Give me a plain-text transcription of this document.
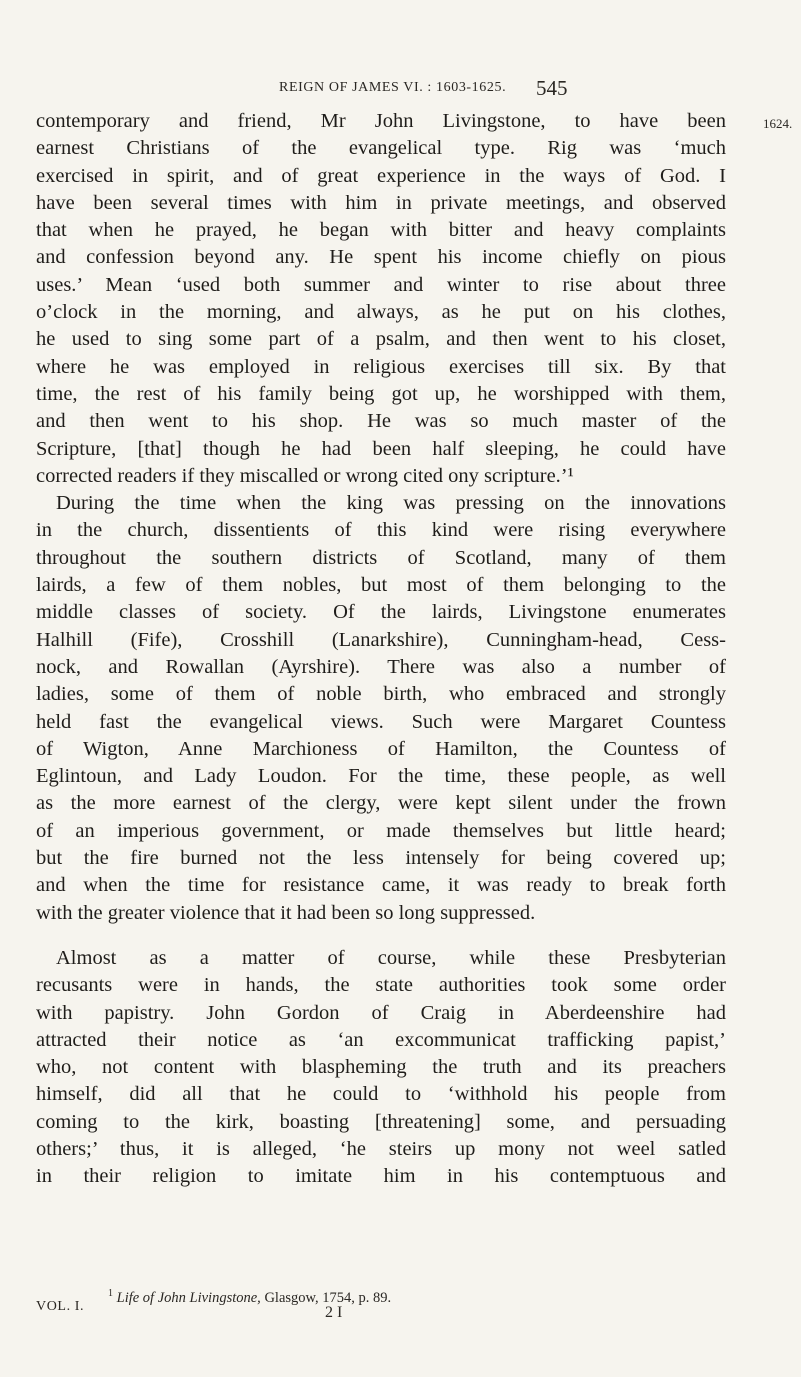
REIGN OF JAMES VI. : 1603-1625. 545
1624.
contemporary and friend, Mr John Livingstone, to have been
earnest Christians of the evangelical type. Rig was ‘much
exercised in spirit, and of great experience in the ways of God. I
have been several times with him in private meetings, and observed
that when he prayed, he began with bitter and heavy complaints
and confession beyond any. He spent his income chiefly on pious
uses.’ Mean ‘used both summer and winter to rise about three
o’clock in the morning, and always, as he put on his clothes,
he used to sing some part of a psalm, and then went to his closet,
where he was employed in religious exercises till six. By that
time, the rest of his family being got up, he worshipped with them,
and then went to his shop. He was so much master of the
Scripture, [that] though he had been half sleeping, he could have
corrected readers if they miscalled or wrong cited ony scripture.’¹
During the time when the king was pressing on the innovations
in the church, dissentients of this kind were rising everywhere
throughout the southern districts of Scotland, many of them
lairds, a few of them nobles, but most of them belonging to the
middle classes of society. Of the lairds, Livingstone enumerates
Halhill (Fife), Crosshill (Lanarkshire), Cunningham-head, Cess-
nock, and Rowallan (Ayrshire). There was also a number of
ladies, some of them of noble birth, who embraced and strongly
held fast the evangelical views. Such were Margaret Countess
of Wigton, Anne Marchioness of Hamilton, the Countess of
Eglintoun, and Lady Loudon. For the time, these people, as well
as the more earnest of the clergy, were kept silent under the frown
of an imperious government, or made themselves but little heard;
but the fire burned not the less intensely for being covered up;
and when the time for resistance came, it was ready to break forth
with the greater violence that it had been so long suppressed.
Almost as a matter of course, while these Presbyterian
recusants were in hands, the state authorities took some order
with papistry. John Gordon of Craig in Aberdeenshire had
attracted their notice as ‘an excommunicat trafficking papist,’
who, not content with blaspheming the truth and its preachers
himself, did all that he could to ‘withhold his people from
coming to the kirk, boasting [threatening] some, and persuading
others;’ thus, it is alleged, ‘he steirs up mony not weel satled
in their religion to imitate him in his contemptuous and
$^1$ Life of John Livingstone, Glasgow, 1754, p. 89.
VOL. I.	2 I
